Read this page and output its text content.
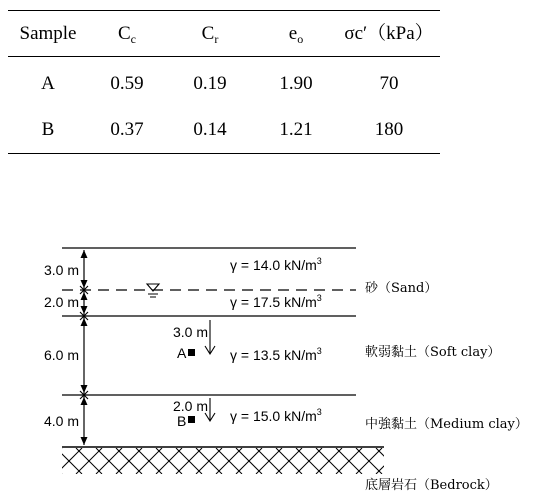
Sample	$C_c$	$C_r$	$e_o$	σc′（kPa）
A	0.59	0.19	1.90	70
B	0.37	0.14	1.21	180
3.0 m
2.0 m
6.0 m
4.0 m
γ = 14.0 $kN/m^3$
γ = 17.5 $kN/m^3$
γ = 13.5 $kN/m^3$
γ = 15.0 $kN/m^3$
3.0 m
A
2.0 m
B
砂（Sand）
軟弱黏土（Soft clay）
中強黏土（Medium clay）
底層岩石（Bedrock）
